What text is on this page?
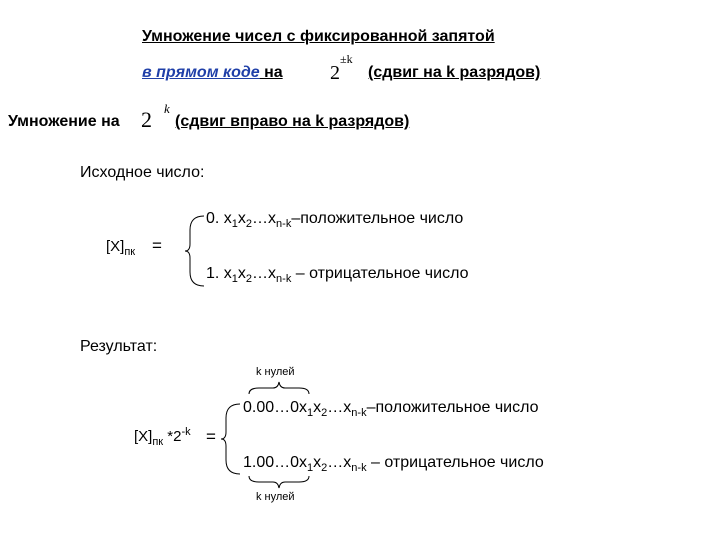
Умножение чисел с фиксированной запятой
в прямом коде на $2^{\pm k}$
(сдвиг на k разрядов)
Умножение на 2 k
(сдвиг вправо на k разрядов)
Исходное число:
0. $x_1x_2\dots x_{n-k}$–положительное число
$[X]_{пк}$ =
1. $x_1x_2\dots x_{n-k}$ – отрицательное число
Результат:
k нулей
$0.00\dots 0x_1x_2\dots x_{n-k}$–положительное число
$[X]_{пк}$ $*2^{-k}$ =
$1.00\dots 0x_1x_2\dots x_{n-k}$ – отрицательное число
k нулей
